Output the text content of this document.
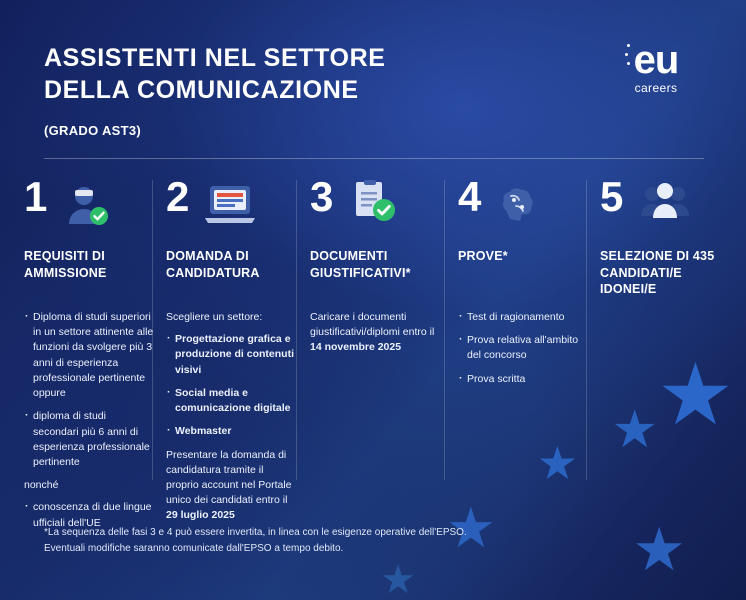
★
★
★
★ ★
★
ASSISTENTI NEL SETTORE
DELLA COMUNICAZIONE
(GRADO AST3)
eu
careers
1
REQUISITI DI AMMISSIONE
· Diploma di studi superiori in un settore attinente alle funzioni da svolgere più 3 anni di esperienza professionale pertinente oppure
· diploma di studi secondari più 6 anni di esperienza professionale pertinente

nonché

· conoscenza di due lingue ufficiali dell'UE
2
DOMANDA DI CANDIDATURA

Scegliere un settore:

· Progettazione grafica e produzione di contenuti visivi
· Social media e comunicazione digitale
· Webmaster

Presentare la domanda di candidatura tramite il proprio account nel Portale unico dei candidati entro il 29 luglio 2025

3
DOCUMENTI GIUSTIFICATIVI*

Caricare i documenti giustificativi/diplomi entro il 14 novembre 2025

4
PROVE*
· Test di ragionamento
· Prova relativa all'ambito del concorso
· Prova scritta
5
SELEZIONE DI 435 CANDIDATI/E IDONEI/E
*La sequenza delle fasi 3 e 4 può essere invertita, in linea con le esigenze operative dell'EPSO.
Eventuali modifiche saranno comunicate dall'EPSO a tempo debito.
